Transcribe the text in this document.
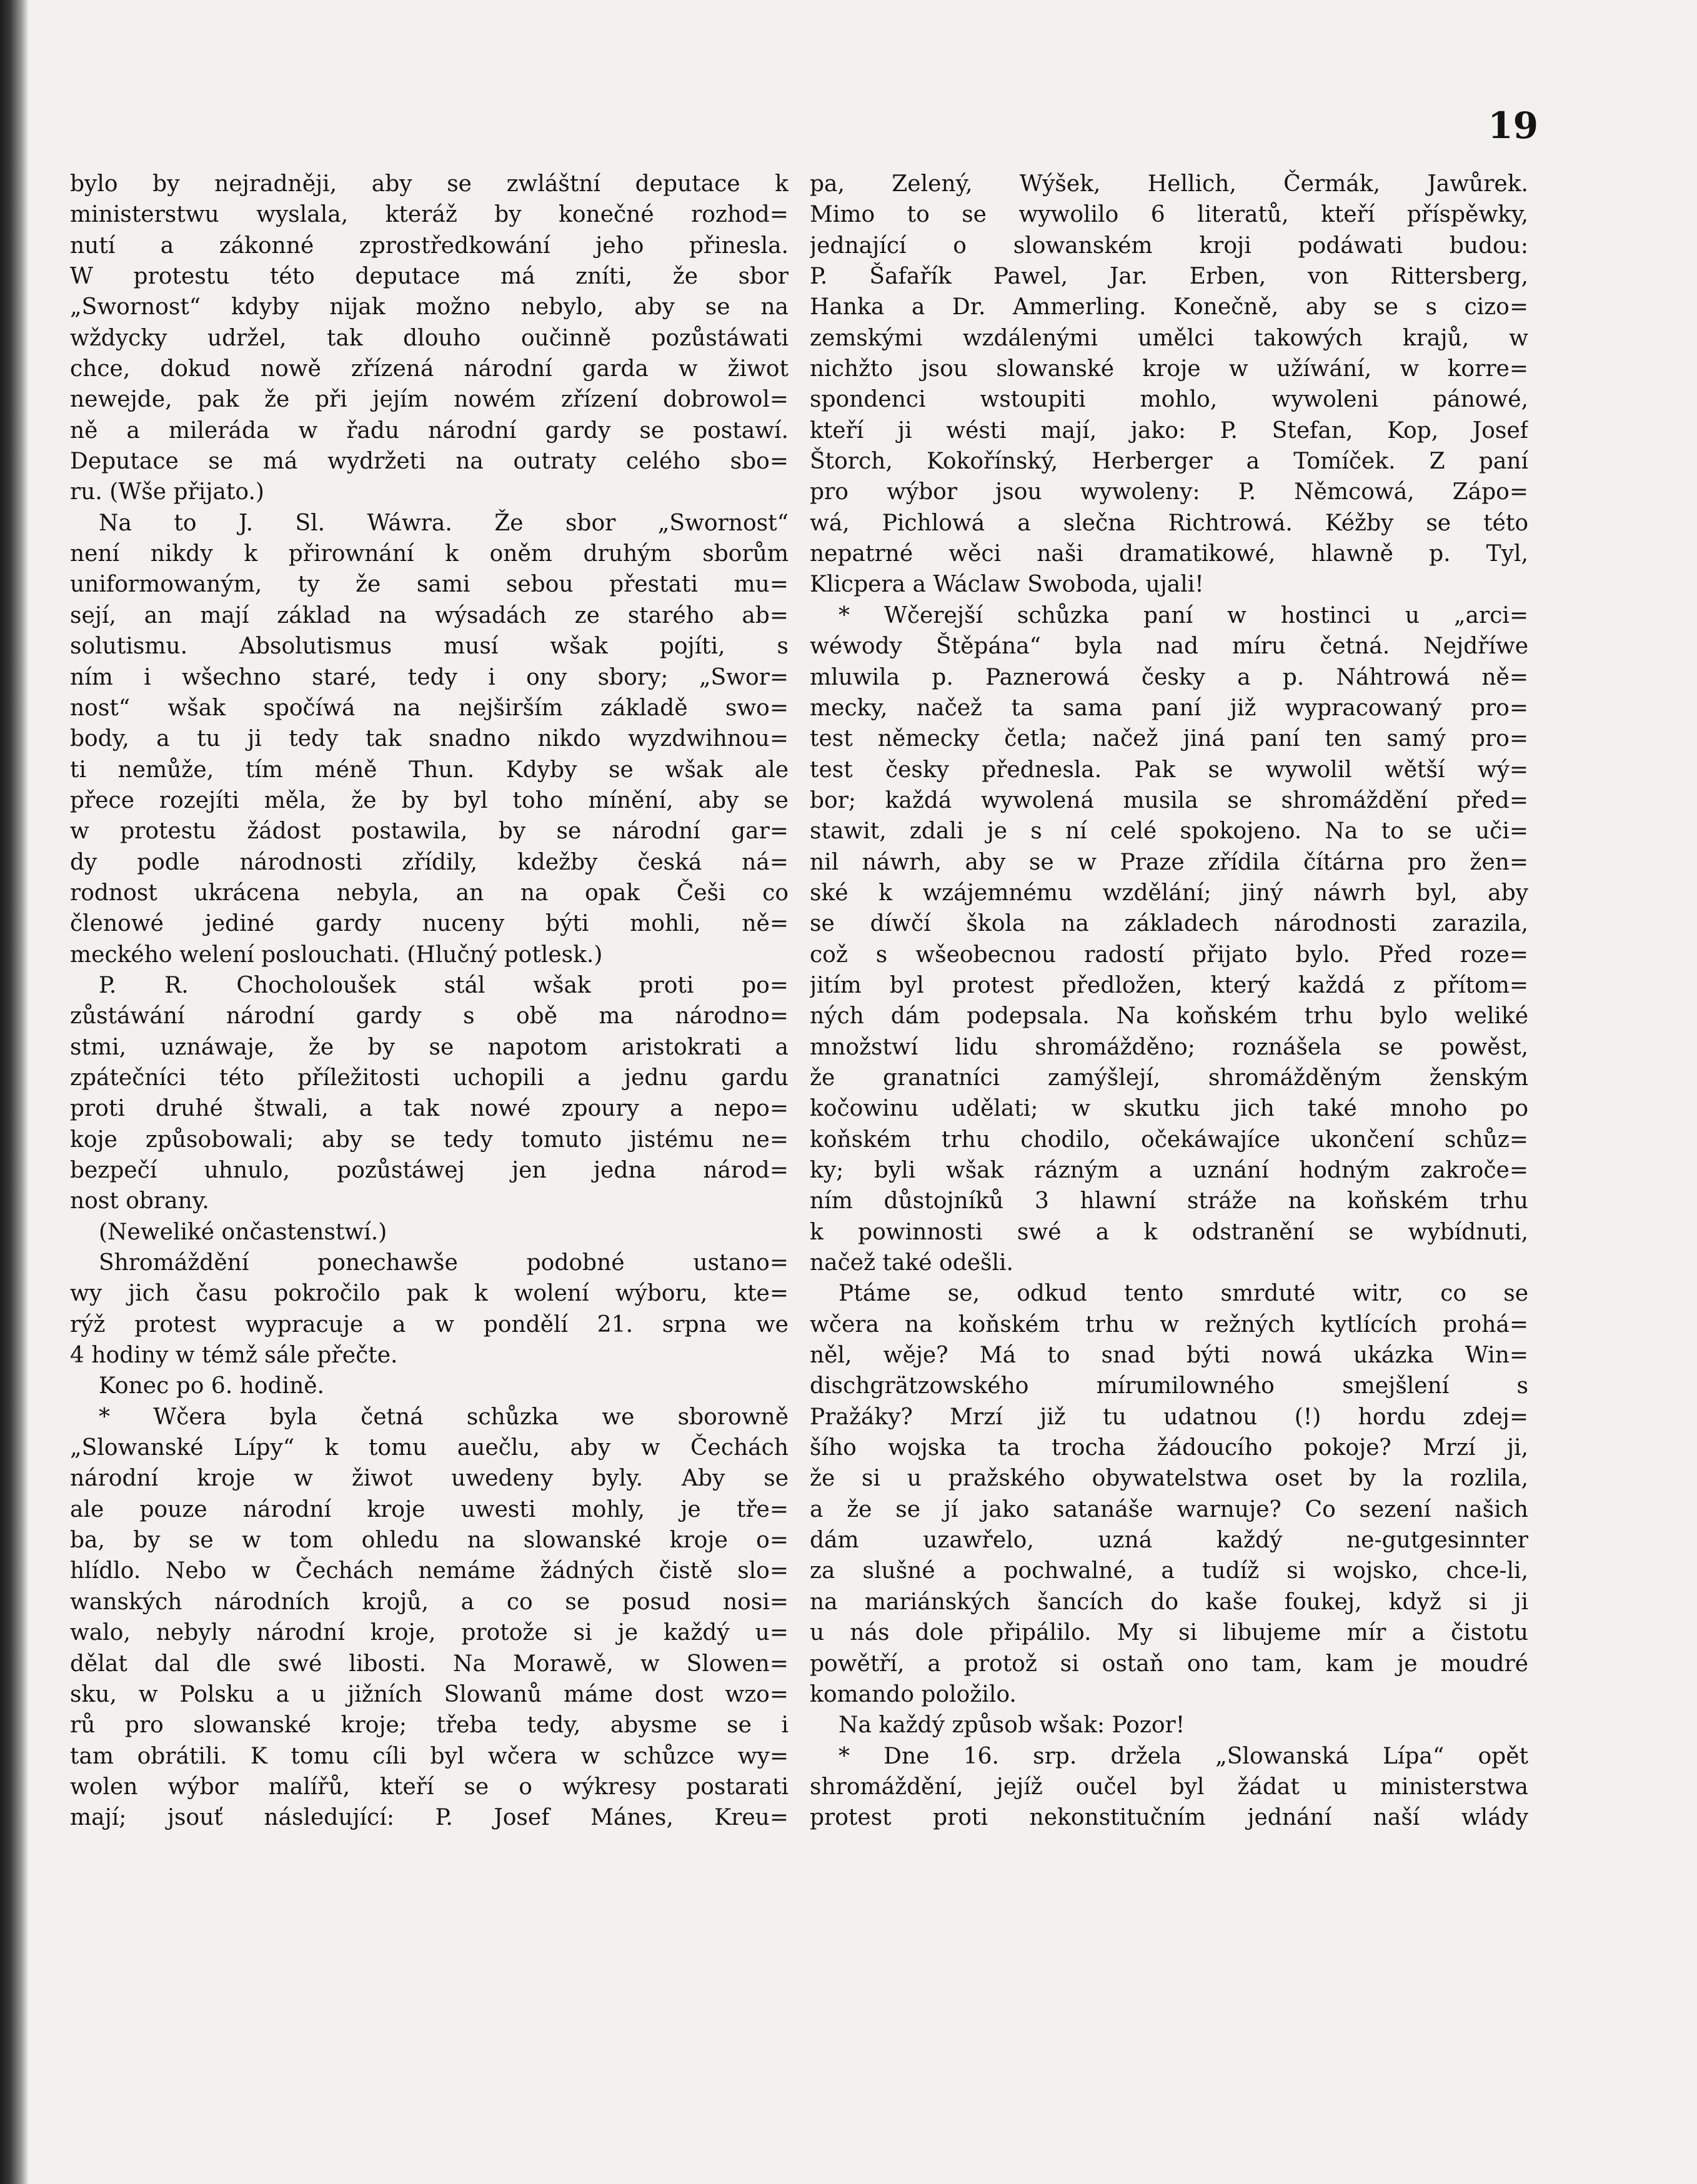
19
bylo by nejradněji, aby se zwláštní deputace k
ministerstwu wyslala, kteráž by konečné rozhod=
nutí a zákonné zprostředkowání jeho přinesla.
W protestu této deputace má zníti, že sbor
„Swornost“ kdyby nijak možno nebylo, aby se na
wždycky udržel, tak dlouho oučinně pozůstáwati
chce, dokud nowě zřízená národní garda w žiwot
newejde, pak že při jejím nowém zřízení dobrowol=
ně a mileráda w řadu národní gardy se postawí.
Deputace se má wydržeti na outraty celého sbo=
ru. (Wše přijato.)
Na to J. Sl. Wáwra. Že sbor „Swornost“
není nikdy k přirownání k oněm druhým sborům
uniformowaným, ty že sami sebou přestati mu=
sejí, an mají základ na wýsadách ze starého ab=
solutismu. Absolutismus musí wšak pojíti, s
ním i wšechno staré, tedy i ony sbory; „Swor=
nost“ wšak spočíwá na nejširším základě swo=
body, a tu ji tedy tak snadno nikdo wyzdwihnou=
ti nemůže, tím méně Thun. Kdyby se wšak ale
přece rozejíti měla, že by byl toho mínění, aby se
w protestu žádost postawila, by se národní gar=
dy podle národnosti zřídily, kdežby česká ná=
rodnost ukrácena nebyla, an na opak Češi co
členowé jediné gardy nuceny býti mohli, ně=
meckého welení poslouchati. (Hlučný potlesk.)
P. R. Chocholoušek stál wšak proti po=
zůstáwání národní gardy s obě ma národno=
stmi, uznáwaje, že by se napotom aristokrati a
zpátečníci této příležitosti uchopili a jednu gardu
proti druhé štwali, a tak nowé zpoury a nepo=
koje způsobowali; aby se tedy tomuto jistému ne=
bezpečí uhnulo, pozůstáwej jen jedna národ=
nost obrany.
(Neweliké ončastenstwí.)
Shromáždění ponechawše podobné ustano=
wy jich času pokročilo pak k wolení wýboru, kte=
rýž protest wypracuje a w pondělí 21. srpna we
4 hodiny w témž sále přečte.
Konec po 6. hodině.
* Wčera byla četná schůzka we sborowně
„Slowanské Lípy“ k tomu auečlu, aby w Čechách
národní kroje w žiwot uwedeny byly. Aby se
ale pouze národní kroje uwesti mohly, je tře=
ba, by se w tom ohledu na slowanské kroje o=
hlídlo. Nebo w Čechách nemáme žádných čistě slo=
wanských národních krojů, a co se posud nosi=
walo, nebyly národní kroje, protože si je každý u=
dělat dal dle swé libosti. Na Morawě, w Slowen=
sku, w Polsku a u jižních Slowanů máme dost wzo=
rů pro slowanské kroje; třeba tedy, abysme se i
tam obrátili. K tomu cíli byl wčera w schůzce wy=
wolen wýbor malířů, kteří se o wýkresy postarati
mají; jsouť následující: P. Josef Mánes, Kreu=
pa, Zelený, Wýšek, Hellich, Čermák, Jawůrek.
Mimo to se wywolilo 6 literatů, kteří příspěwky,
jednající o slowanském kroji podáwati budou:
P. Šafařík Pawel, Jar. Erben, von Rittersberg,
Hanka a Dr. Ammerling. Konečně, aby se s cizo=
zemskými wzdálenými umělci takowých krajů, w
nichžto jsou slowanské kroje w užíwání, w korre=
spondenci wstoupiti mohlo, wywoleni pánowé,
kteří ji wésti mají, jako: P. Stefan, Kop, Josef
Štorch, Kokořínský, Herberger a Tomíček. Z paní
pro wýbor jsou wywoleny: P. Němcowá, Zápo=
wá, Pichlowá a slečna Richtrowá. Kéžby se této
nepatrné wěci naši dramatikowé, hlawně p. Tyl,
Klicpera a Wáclaw Swoboda, ujali!
* Wčerejší schůzka paní w hostinci u „arci=
wéwody Štěpána“ byla nad míru četná. Nejdříwe
mluwila p. Paznerowá česky a p. Náhtrowá ně=
mecky, načež ta sama paní již wypracowaný pro=
test německy četla; načež jiná paní ten samý pro=
test česky přednesla. Pak se wywolil wětší wý=
bor; každá wywolená musila se shromáždění před=
stawit, zdali je s ní celé spokojeno. Na to se uči=
nil náwrh, aby se w Praze zřídila čítárna pro žen=
ské k wzájemnému wzdělání; jiný náwrh byl, aby
se díwčí škola na základech národnosti zarazila,
což s wšeobecnou radostí přijato bylo. Před roze=
jitím byl protest předložen, který každá z přítom=
ných dám podepsala. Na koňském trhu bylo weliké
množstwí lidu shromážděno; roznášela se powěst,
že granatníci zamýšlejí, shromážděným ženským
kočowinu udělati; w skutku jich také mnoho po
koňském trhu chodilo, očekáwajíce ukončení schůz=
ky; byli wšak rázným a uznání hodným zakroče=
ním důstojníků 3 hlawní stráže na koňském trhu
k powinnosti swé a k odstranění se wybídnuti,
načež také odešli.
Ptáme se, odkud tento smrduté witr, co se
wčera na koňském trhu w režných kytlících prohá=
něl, wěje? Má to snad býti nowá ukázka Win=
dischgrätzowského mírumilowného smejšlení s
Pražáky? Mrzí již tu udatnou (!) hordu zdej=
šího wojska ta trocha žádoucího pokoje? Mrzí ji,
že si u pražského obywatelstwa oset by la rozlila,
a že se jí jako satanáše warnuje? Co sezení našich
dám uzawřelo, uzná každý ne-gutgesinnter
za slušné a pochwalné, a tudíž si wojsko, chce-li,
na mariánských šancích do kaše foukej, když si ji
u nás dole připálilo. My si libujeme mír a čistotu
powětří, a protož si ostaň ono tam, kam je moudré
komando položilo.
Na každý způsob wšak: Pozor!
* Dne 16. srp. držela „Slowanská Lípa“ opět
shromáždění, jejíž oučel byl žádat u ministerstwa
protest proti nekonstitučním jednání naší wlády
